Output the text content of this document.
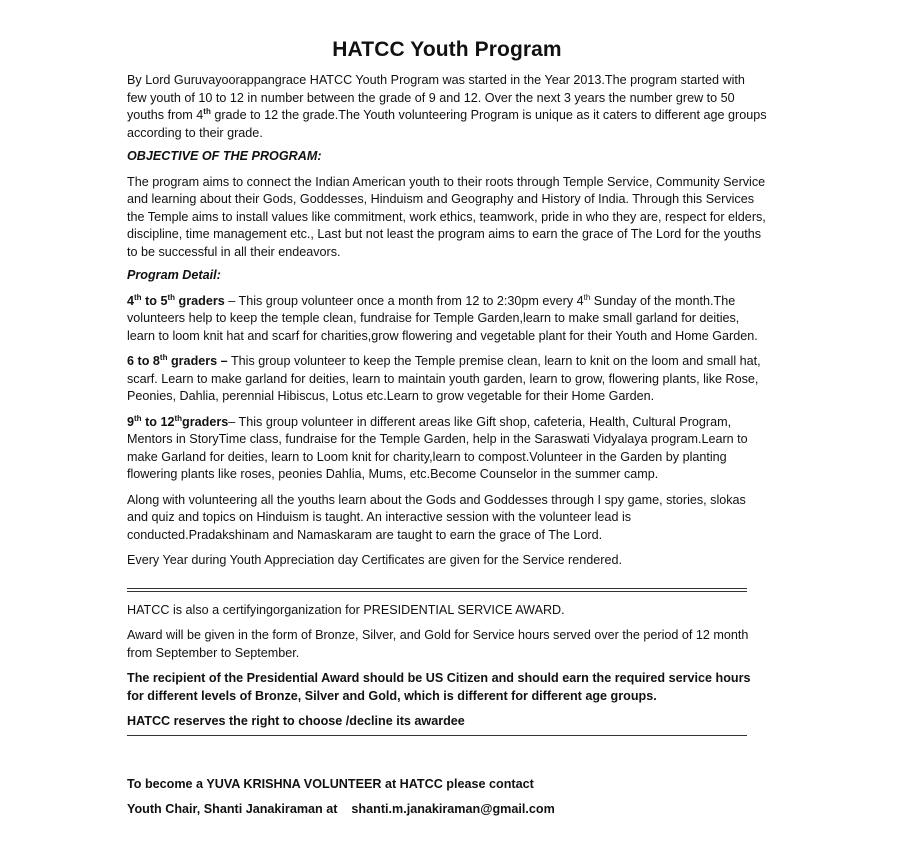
HATCC Youth Program

By Lord Guruvayoorappangrace HATCC Youth Program was started in the Year 2013.The program started with few youth of 10 to 12 in number between the grade of 9 and 12. Over the next 3 years the number grew to 50 youths from 4th grade to 12 the grade.The Youth volunteering Program is unique as it caters to different age groups according to their grade.

OBJECTIVE OF THE PROGRAM:

The program aims to connect the Indian American youth to their roots through Temple Service, Community Service and learning about their Gods, Goddesses, Hinduism and Geography and History of India. Through this Services the Temple aims to install values like commitment, work ethics, teamwork, pride in who they are, respect for elders, discipline, time management etc., Last but not least the program aims to earn the grace of The Lord for the youths to be successful in all their endeavors.

Program Detail:

4th to 5th graders – This group volunteer once a month from 12 to 2:30pm every 4th Sunday of the month.The volunteers help to keep the temple clean, fundraise for Temple Garden,learn to make small garland for deities, learn to loom knit hat and scarf for charities,grow flowering and vegetable plant for their Youth and Home Garden.

6 to 8th graders – This group volunteer to keep the Temple premise clean, learn to knit on the loom and small hat, scarf. Learn to make garland for deities, learn to maintain youth garden, learn to grow, flowering plants, like Rose, Peonies, Dahlia, perennial Hibiscus, Lotus etc.Learn to grow vegetable for their Home Garden.

9th to 12thgraders– This group volunteer in different areas like Gift shop, cafeteria, Health, Cultural Program, Mentors in StoryTime class, fundraise for the Temple Garden, help in the Saraswati Vidyalaya program.Learn to make Garland for deities, learn to Loom knit for charity,learn to compost.Volunteer in the Garden by planting flowering plants like roses, peonies Dahlia, Mums, etc.Become Counselor in the summer camp.

Along with volunteering all the youths learn about the Gods and Goddesses through I spy game, stories, slokas and quiz and topics on Hinduism is taught. An interactive session with the volunteer lead is conducted.Pradakshinam and Namaskaram are taught to earn the grace of The Lord.

Every Year during Youth Appreciation day Certificates are given for the Service rendered.

HATCC is also a certifyingorganization for PRESIDENTIAL SERVICE AWARD.

Award will be given in the form of Bronze, Silver, and Gold for Service hours served over the period of 12 month from September to September.

The recipient of the Presidential Award should be US Citizen and should earn the required service hours for different levels of Bronze, Silver and Gold, which is different for different age groups.

HATCC reserves the right to choose /decline its awardee

To become a YUVA KRISHNA VOLUNTEER at HATCC please contact

Youth Chair, Shanti Janakiraman at shanti.m.janakiraman@gmail.com
